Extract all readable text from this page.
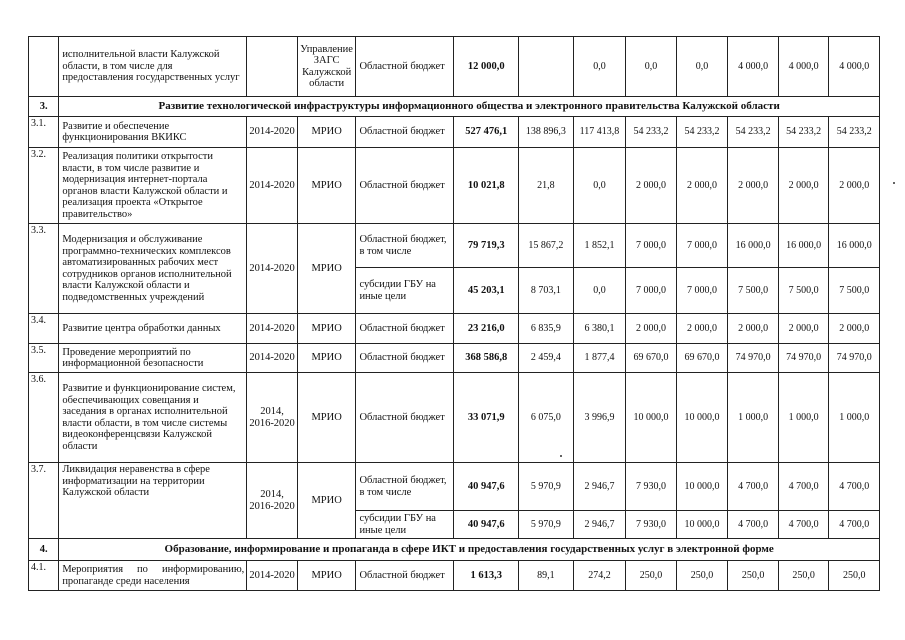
	исполнительной власти Калужской области, в том числе для предоставления государственных услуг		Управление ЗАГС Калужской области	Областной бюджет	12 000,0		0,0	0,0	0,0	4 000,0	4 000,0	4 000,0
3.	Развитие технологической инфраструктуры информационного общества и электронного правительства Калужской области											
3.1.	Развитие и обеспечение функционирования ВКИКС	2014-2020	МРИО	Областной бюджет	527 476,1	138 896,3	117 413,8	54 233,2	54 233,2	54 233,2	54 233,2	54 233,2
3.2.	Реализация политики открытости власти, в том числе развитие и модернизация интернет-портала органов власти Калужской области и реализация проекта «Открытое правительство»	2014-2020	МРИО	Областной бюджет	10 021,8	21,8	0,0	2 000,0	2 000,0	2 000,0	2 000,0	2 000,0
3.3.	Модернизация и обслуживание программно-технических комплексов автоматизированных рабочих мест сотрудников органов исполнительной власти Калужской области и подведомственных учреждений	2014-2020	МРИО	Областной бюджет, в том числе	79 719,3	15 867,2	1 852,1	7 000,0	7 000,0	16 000,0	16 000,0	16 000,0
				субсидии ГБУ на иные цели	45 203,1	8 703,1	0,0	7 000,0	7 000,0	7 500,0	7 500,0	7 500,0
3.4.	Развитие центра обработки данных	2014-2020	МРИО	Областной бюджет	23 216,0	6 835,9	6 380,1	2 000,0	2 000,0	2 000,0	2 000,0	2 000,0
3.5.	Проведение мероприятий по информационной безопасности	2014-2020	МРИО	Областной бюджет	368 586,8	2 459,4	1 877,4	69 670,0	69 670,0	74 970,0	74 970,0	74 970,0
3.6.	Развитие и функционирование систем, обеспечивающих совещания и заседания в органах исполнительной власти области, в том числе системы видеоконференцсвязи Калужской области	2014, 2016-2020	МРИО	Областной бюджет	33 071,9	6 075,0	3 996,9	10 000,0	10 000,0	1 000,0	1 000,0	1 000,0
3.7.	Ликвидация неравенства в сфере информатизации на территории Калужской области	2014, 2016-2020	МРИО	Областной бюджет, в том числе	40 947,6	5 970,9	2 946,7	7 930,0	10 000,0	4 700,0	4 700,0	4 700,0
				субсидии ГБУ на иные цели	40 947,6	5 970,9	2 946,7	7 930,0	10 000,0	4 700,0	4 700,0	4 700,0
4.	Образование, информирование и пропаганда в сфере ИКТ и предоставления государственных услуг в электронной форме											
4.1.	Мероприятия по информированию, пропаганде среди населения	2014-2020	МРИО	Областной бюджет	1 613,3	89,1	274,2	250,0	250,0	250,0	250,0	250,0
